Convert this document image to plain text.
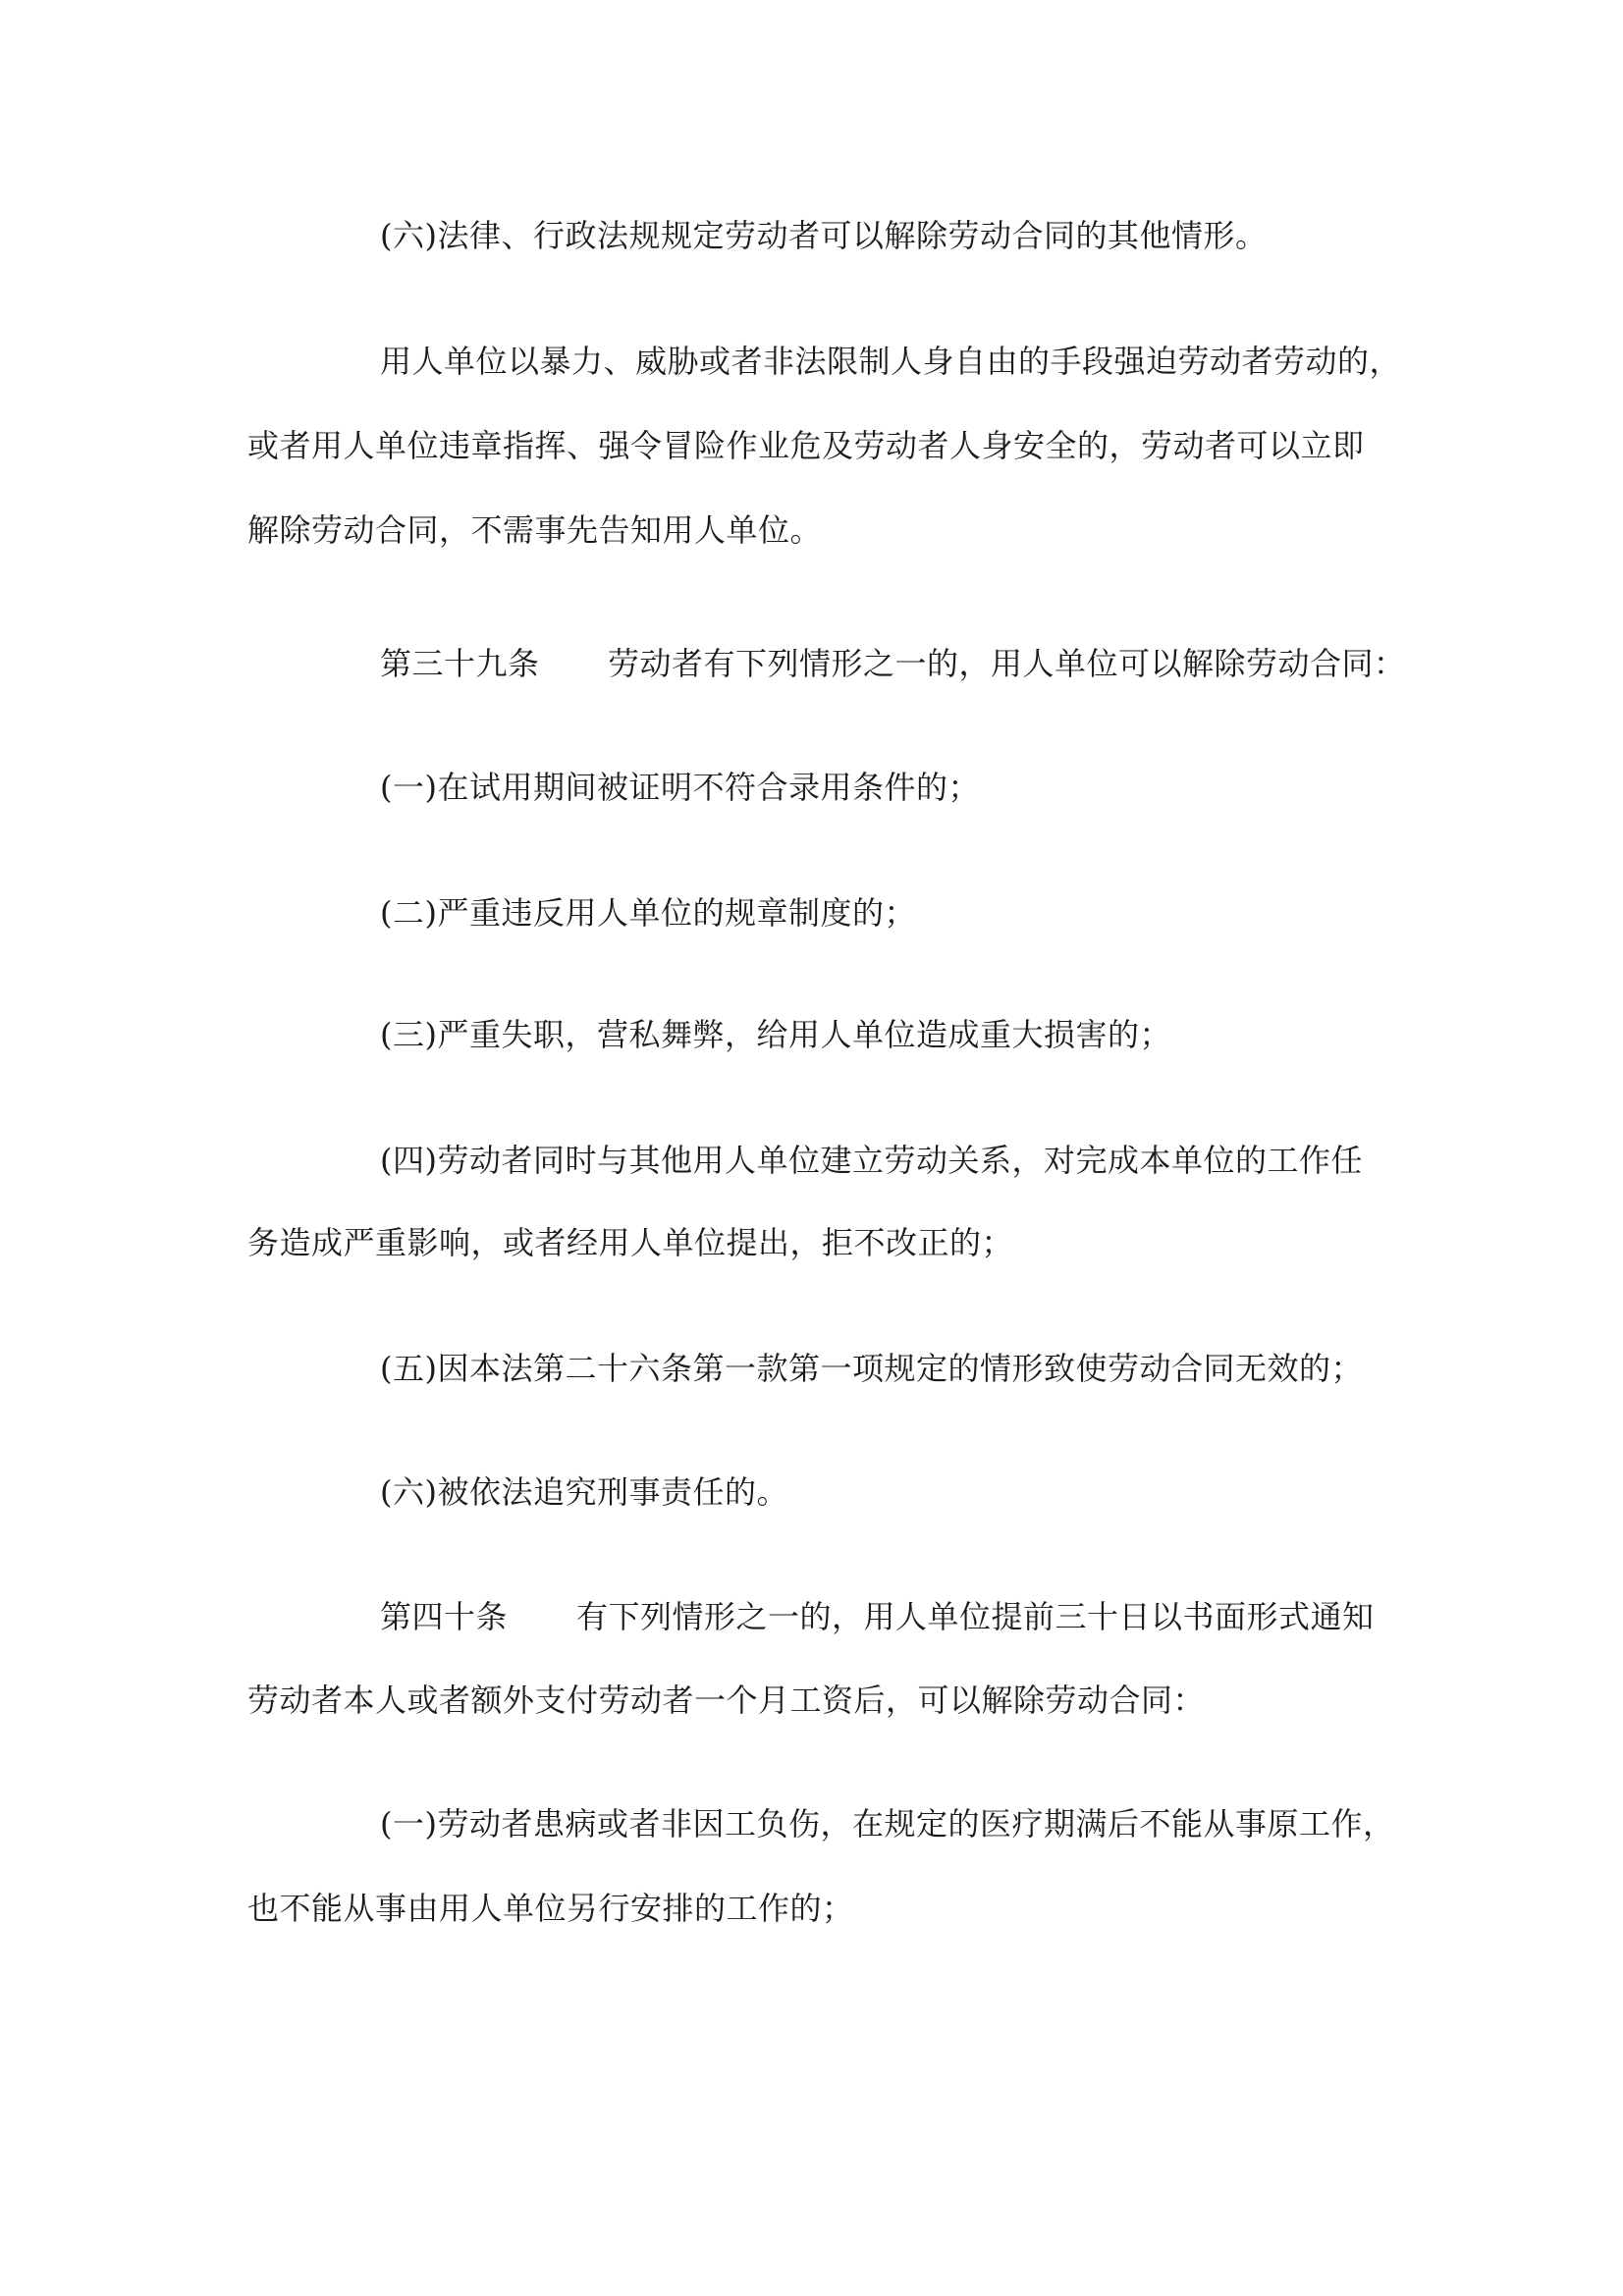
(六)法律、行政法规规定劳动者可以解除劳动合同的其他情形。
用人单位以暴力、威胁或者非法限制人身自由的手段强迫劳动者劳动的，
或者用人单位违章指挥、强令冒险作业危及劳动者人身安全的，劳动者可以立即
解除劳动合同，不需事先告知用人单位。
第三十九条 劳动者有下列情形之一的，用人单位可以解除劳动合同：
(一)在试用期间被证明不符合录用条件的；
(二)严重违反用人单位的规章制度的；
(三)严重失职，营私舞弊，给用人单位造成重大损害的；
(四)劳动者同时与其他用人单位建立劳动关系，对完成本单位的工作任
务造成严重影响，或者经用人单位提出，拒不改正的；
(五)因本法第二十六条第一款第一项规定的情形致使劳动合同无效的；
(六)被依法追究刑事责任的。
第四十条 有下列情形之一的，用人单位提前三十日以书面形式通知
劳动者本人或者额外支付劳动者一个月工资后，可以解除劳动合同：
(一)劳动者患病或者非因工负伤，在规定的医疗期满后不能从事原工作，
也不能从事由用人单位另行安排的工作的；
